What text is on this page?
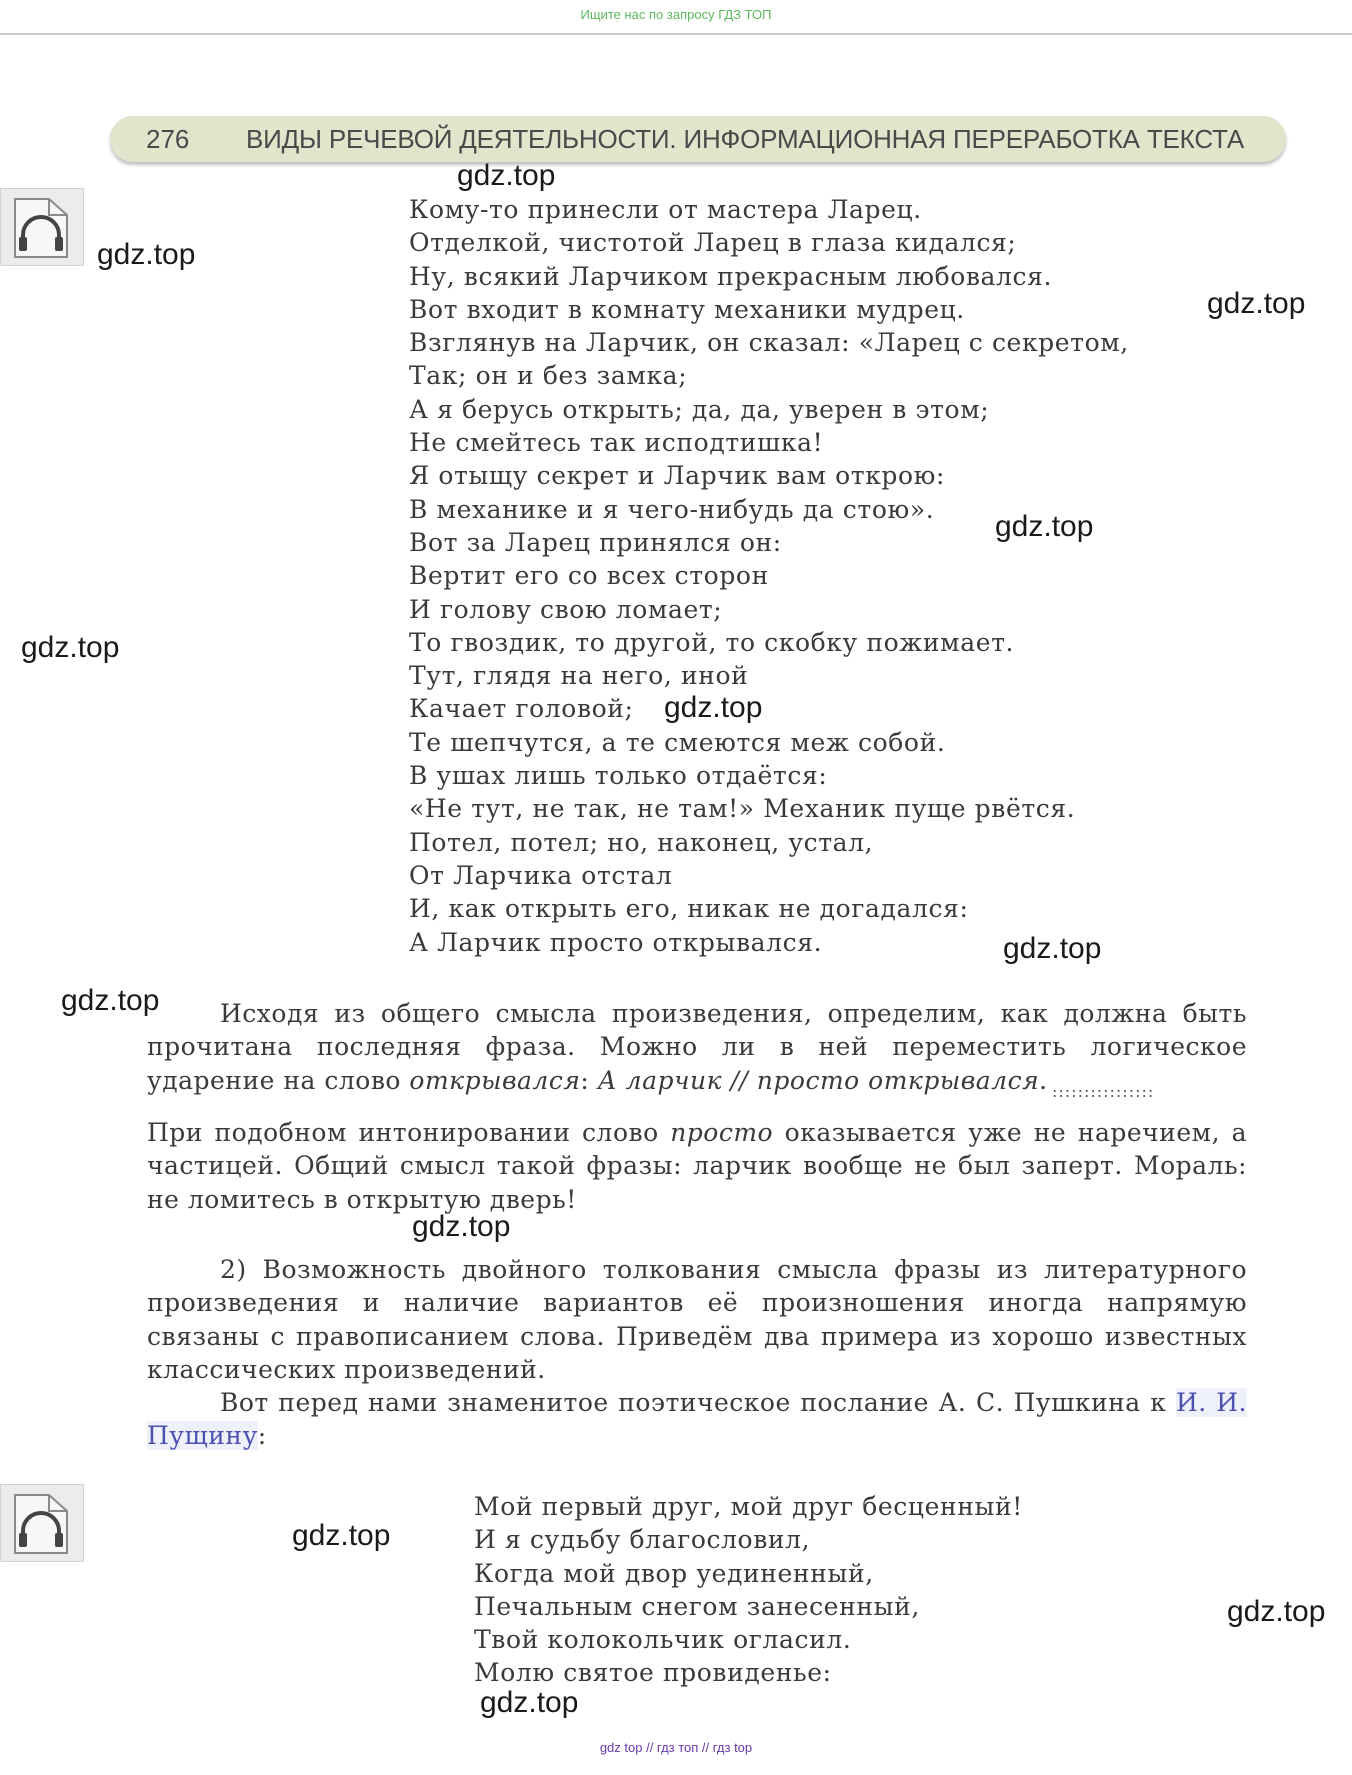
Ищите нас по запросу ГДЗ ТОП
276	ВИДЫ РЕЧЕВОЙ ДЕЯТЕЛЬНОСТИ. ИНФОРМАЦИОННАЯ ПЕРЕРАБОТКА ТЕКСТА
Кому-то принесли от мастера Ларец.
Отделкой, чистотой Ларец в глаза кидался;
Ну, всякий Ларчиком прекрасным любовался.
Вот входит в комнату механики мудрец.
Взглянув на Ларчик, он сказал: «Ларец с секретом,
Так; он и без замка;
А я берусь открыть; да, да, уверен в этом;
Не смейтесь так исподтишка!
Я отыщу секрет и Ларчик вам открою:
В механике и я чего-нибудь да стою».
Вот за Ларец принялся он:
Вертит его со всех сторон
И голову свою ломает;
То гвоздик, то другой, то скобку пожимает.
Тут, глядя на него, иной
Качает головой;
Те шепчутся, а те смеются меж собой.
В ушах лишь только отдаётся:
«Не тут, не так, не там!» Механик пуще рвётся.
Потел, потел; но, наконец, устал,
От Ларчика отстал
И, как открыть его, никак не догадался:
А Ларчик просто открывался.
Исходя из общего смысла произведения, определим, как должна быть прочитана последняя фраза. Можно ли в ней переместить логическое ударение на слово открывался: А ларчик // просто открывался. ::::::::::::::::
При подобном интонировании слово просто оказывается уже не наречием, а частицей. Общий смысл такой фразы: ларчик вообще не был заперт. Мораль: не ломитесь в открытую дверь!
2) Возможность двойного толкования смысла фразы из литературного произведения и наличие вариантов её произношения иногда напрямую связаны с правописанием слова. Приведём два примера из хорошо известных классических произведений.
Вот перед нами знаменитое поэтическое послание А. С. Пушкина к И. И. Пущину:
Мой первый друг, мой друг бесценный!
И я судьбу благословил,
Когда мой двор уединенный,
Печальным снегом занесенный,
Твой колокольчик огласил.
Молю святое провиденье:
gdz.top
gdz.top
gdz.top
gdz.top
gdz.top
gdz.top
gdz.top
gdz.top
gdz.top
gdz.top
gdz.top
gdz.top
gdz top // гдз топ // гдз top
